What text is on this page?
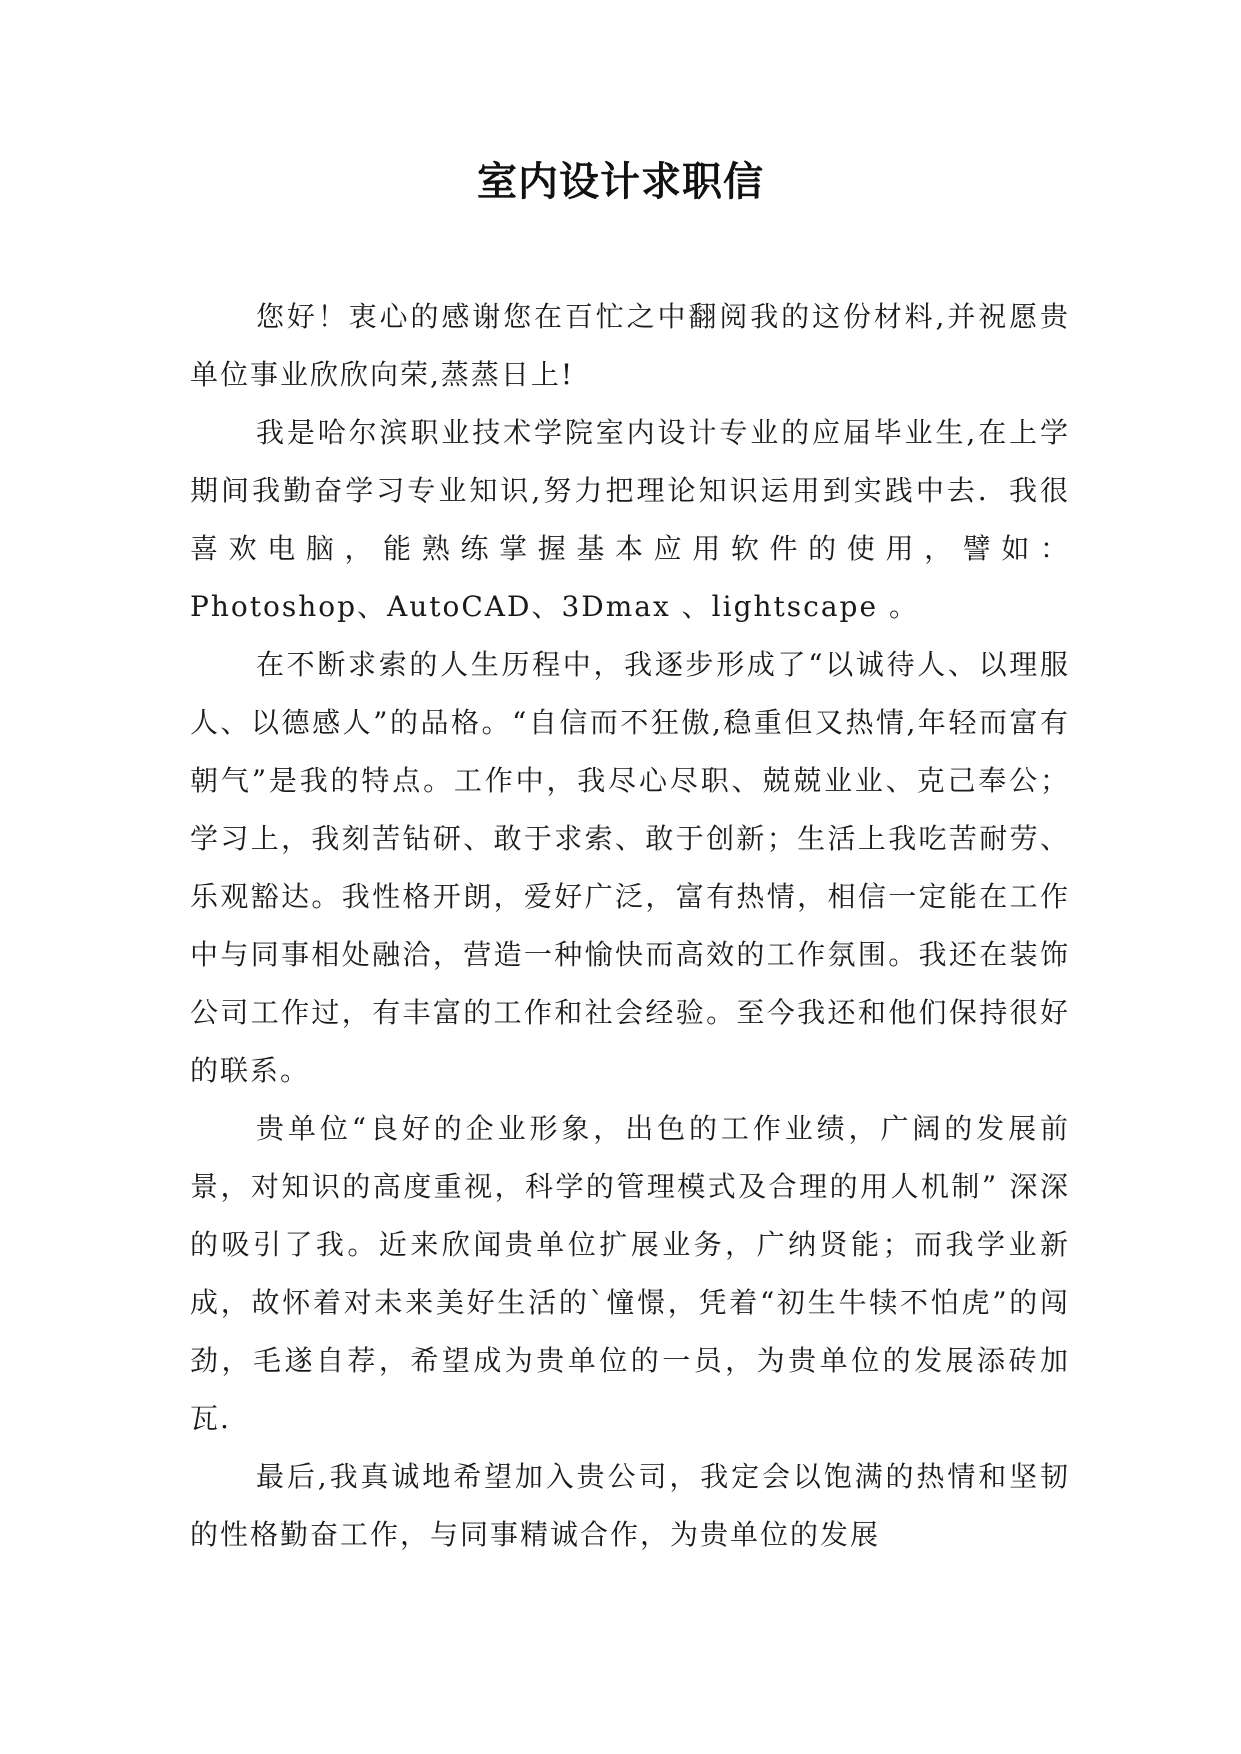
室内设计求职信

您好！衷心的感谢您在百忙之中翻阅我的这份材料,并祝愿贵单位事业欣欣向荣,蒸蒸日上!

我是哈尔滨职业技术学院室内设计专业的应届毕业生,在上学期间我勤奋学习专业知识,努力把理论知识运用到实践中去．我很喜欢电脑，能熟练掌握基本应用软件的使用，譬如：Photoshop、AutoCAD、3Dmax 、lightscape 。

在不断求索的人生历程中，我逐步形成了“以诚待人、以理服人、以德感人”的品格。“自信而不狂傲,稳重但又热情,年轻而富有朝气”是我的特点。工作中，我尽心尽职、兢兢业业、克己奉公；学习上，我刻苦钻研、敢于求索、敢于创新；生活上我吃苦耐劳、乐观豁达。我性格开朗，爱好广泛，富有热情，相信一定能在工作中与同事相处融洽，营造一种愉快而高效的工作氛围。我还在装饰公司工作过，有丰富的工作和社会经验。至今我还和他们保持很好的联系。

贵单位“良好的企业形象，出色的工作业绩，广阔的发展前景，对知识的高度重视，科学的管理模式及合理的用人机制” 深深的吸引了我。近来欣闻贵单位扩展业务，广纳贤能；而我学业新成，故怀着对未来美好生活的`憧憬，凭着“初生牛犊不怕虎”的闯劲，毛遂自荐，希望成为贵单位的一员，为贵单位的发展添砖加瓦.

最后,我真诚地希望加入贵公司，我定会以饱满的热情和坚韧的性格勤奋工作，与同事精诚合作，为贵单位的发展
